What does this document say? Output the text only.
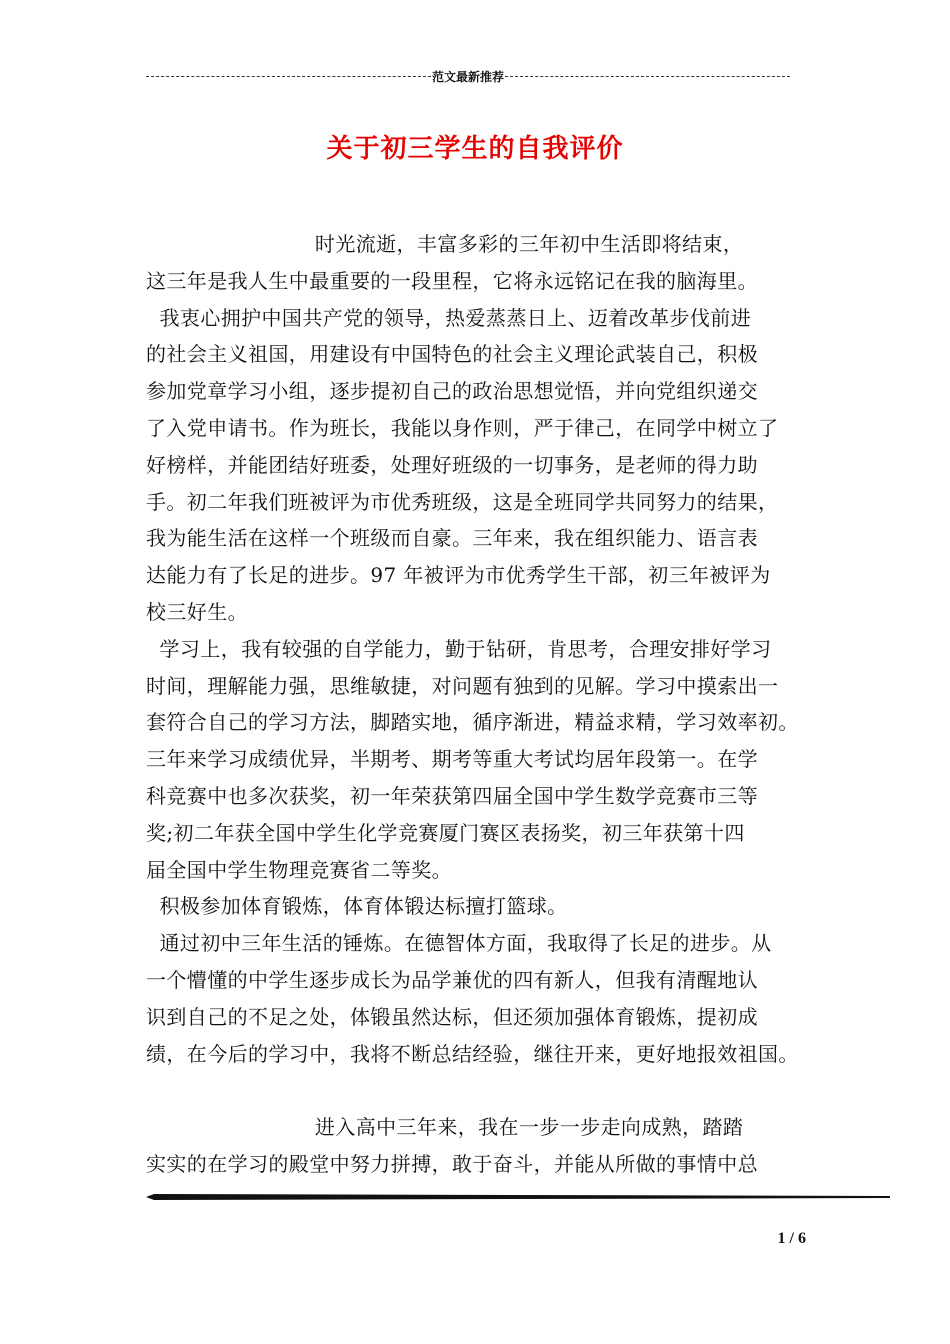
范文最新推荐
关于初三学生的自我评价
时光流逝，丰富多彩的三年初中生活即将结束，
这三年是我人生中最重要的一段里程，它将永远铭记在我的脑海里。
我衷心拥护中国共产党的领导，热爱蒸蒸日上、迈着改革步伐前进
的社会主义祖国，用建设有中国特色的社会主义理论武装自己，积极
参加党章学习小组，逐步提初自己的政治思想觉悟，并向党组织递交
了入党申请书。作为班长，我能以身作则，严于律己，在同学中树立了
好榜样，并能团结好班委，处理好班级的一切事务，是老师的得力助
手。初二年我们班被评为市优秀班级，这是全班同学共同努力的结果，
我为能生活在这样一个班级而自豪。三年来，我在组织能力、语言表
达能力有了长足的进步。97 年被评为市优秀学生干部，初三年被评为
校三好生。
学习上，我有较强的自学能力，勤于钻研，肯思考，合理安排好学习
时间，理解能力强，思维敏捷，对问题有独到的见解。学习中摸索出一
套符合自己的学习方法，脚踏实地，循序渐进，精益求精，学习效率初。
三年来学习成绩优异，半期考、期考等重大考试均居年段第一。在学
科竞赛中也多次获奖，初一年荣获第四届全国中学生数学竞赛市三等
奖;初二年获全国中学生化学竞赛厦门赛区表扬奖，初三年获第十四
届全国中学生物理竞赛省二等奖。
积极参加体育锻炼，体育体锻达标擅打篮球。
通过初中三年生活的锤炼。在德智体方面，我取得了长足的进步。从
一个懵懂的中学生逐步成长为品学兼优的四有新人，但我有清醒地认
识到自己的不足之处，体锻虽然达标，但还须加强体育锻炼，提初成
绩，在今后的学习中，我将不断总结经验，继往开来，更好地报效祖国。
进入高中三年来，我在一步一步走向成熟，踏踏
实实的在学习的殿堂中努力拼搏，敢于奋斗，并能从所做的事情中总
1 / 6
